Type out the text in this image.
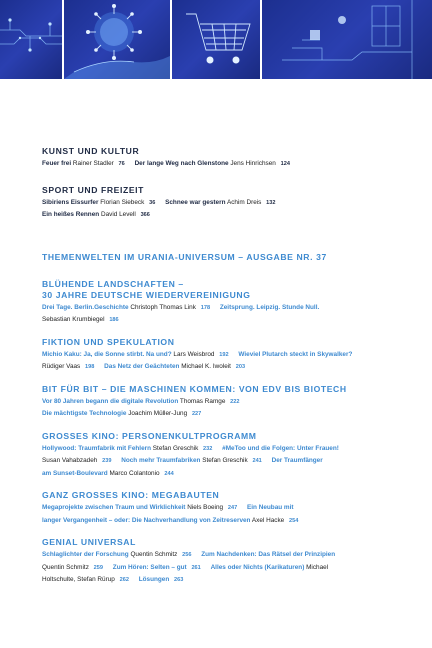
KUNST UND KULTUR

Feuer frei Rainer Stadler 76 Der lange Weg nach Glenstone Jens Hinrichsen 124

SPORT UND FREIZEIT

Sibiriens Eissurfer Florian Siebeck 36 Schnee war gestern Achim Dreis 132

Ein heißes Rennen David Levell 366

THEMENWELTEN IM URANIA-UNIVERSUM – AUSGABE NR. 37

BLÜHENDE LANDSCHAFTEN –

30 JAHRE DEUTSCHE WIEDERVEREINIGUNG

Drei Tage. Berlin.Geschichte Christoph Thomas Link 178 Zeitsprung. Leipzig. Stunde Null.

Sebastian Krumbiegel 186

FIKTION UND SPEKULATION

Michio Kaku: Ja, die Sonne stirbt. Na und? Lars Weisbrod 192 Wieviel Plutarch steckt in Skywalker?

Rüdiger Vaas 198 Das Netz der Geächteten Michael K. Iwoleit 203

BIT FÜR BIT – DIE MASCHINEN KOMMEN: VON EDV BIS BIOTECH

Vor 80 Jahren begann die digitale Revolution Thomas Ramge 222

Die mächtigste Technologie Joachim Müller-Jung 227

GROSSES KINO: PERSONENKULTPROGRAMM

Hollywood: Traumfabrik mit Fehlern Stefan Greschik 232 #MeToo und die Folgen: Unter Frauen!

Susan Vahabzadeh 239 Noch mehr Traumfabriken Stefan Greschik 241 Der Traumfänger

am Sunset-Boulevard Marco Colantonio 244

GANZ GROSSES KINO: MEGABAUTEN

Megaprojekte zwischen Traum und Wirklichkeit Niels Boeing 247 Ein Neubau mit

langer Vergangenheit – oder: Die Nachverhandlung von Zeitreserven Axel Hacke 254

GENIAL UNIVERSAL

Schlaglichter der Forschung Quentin Schmitz 256 Zum Nachdenken: Das Rätsel der Prinzipien

Quentin Schmitz 259 Zum Hören: Selten – gut 261 Alles oder Nichts (Karikaturen) Michael

Holtschulte, Stefan Rürup 262 Lösungen 263
